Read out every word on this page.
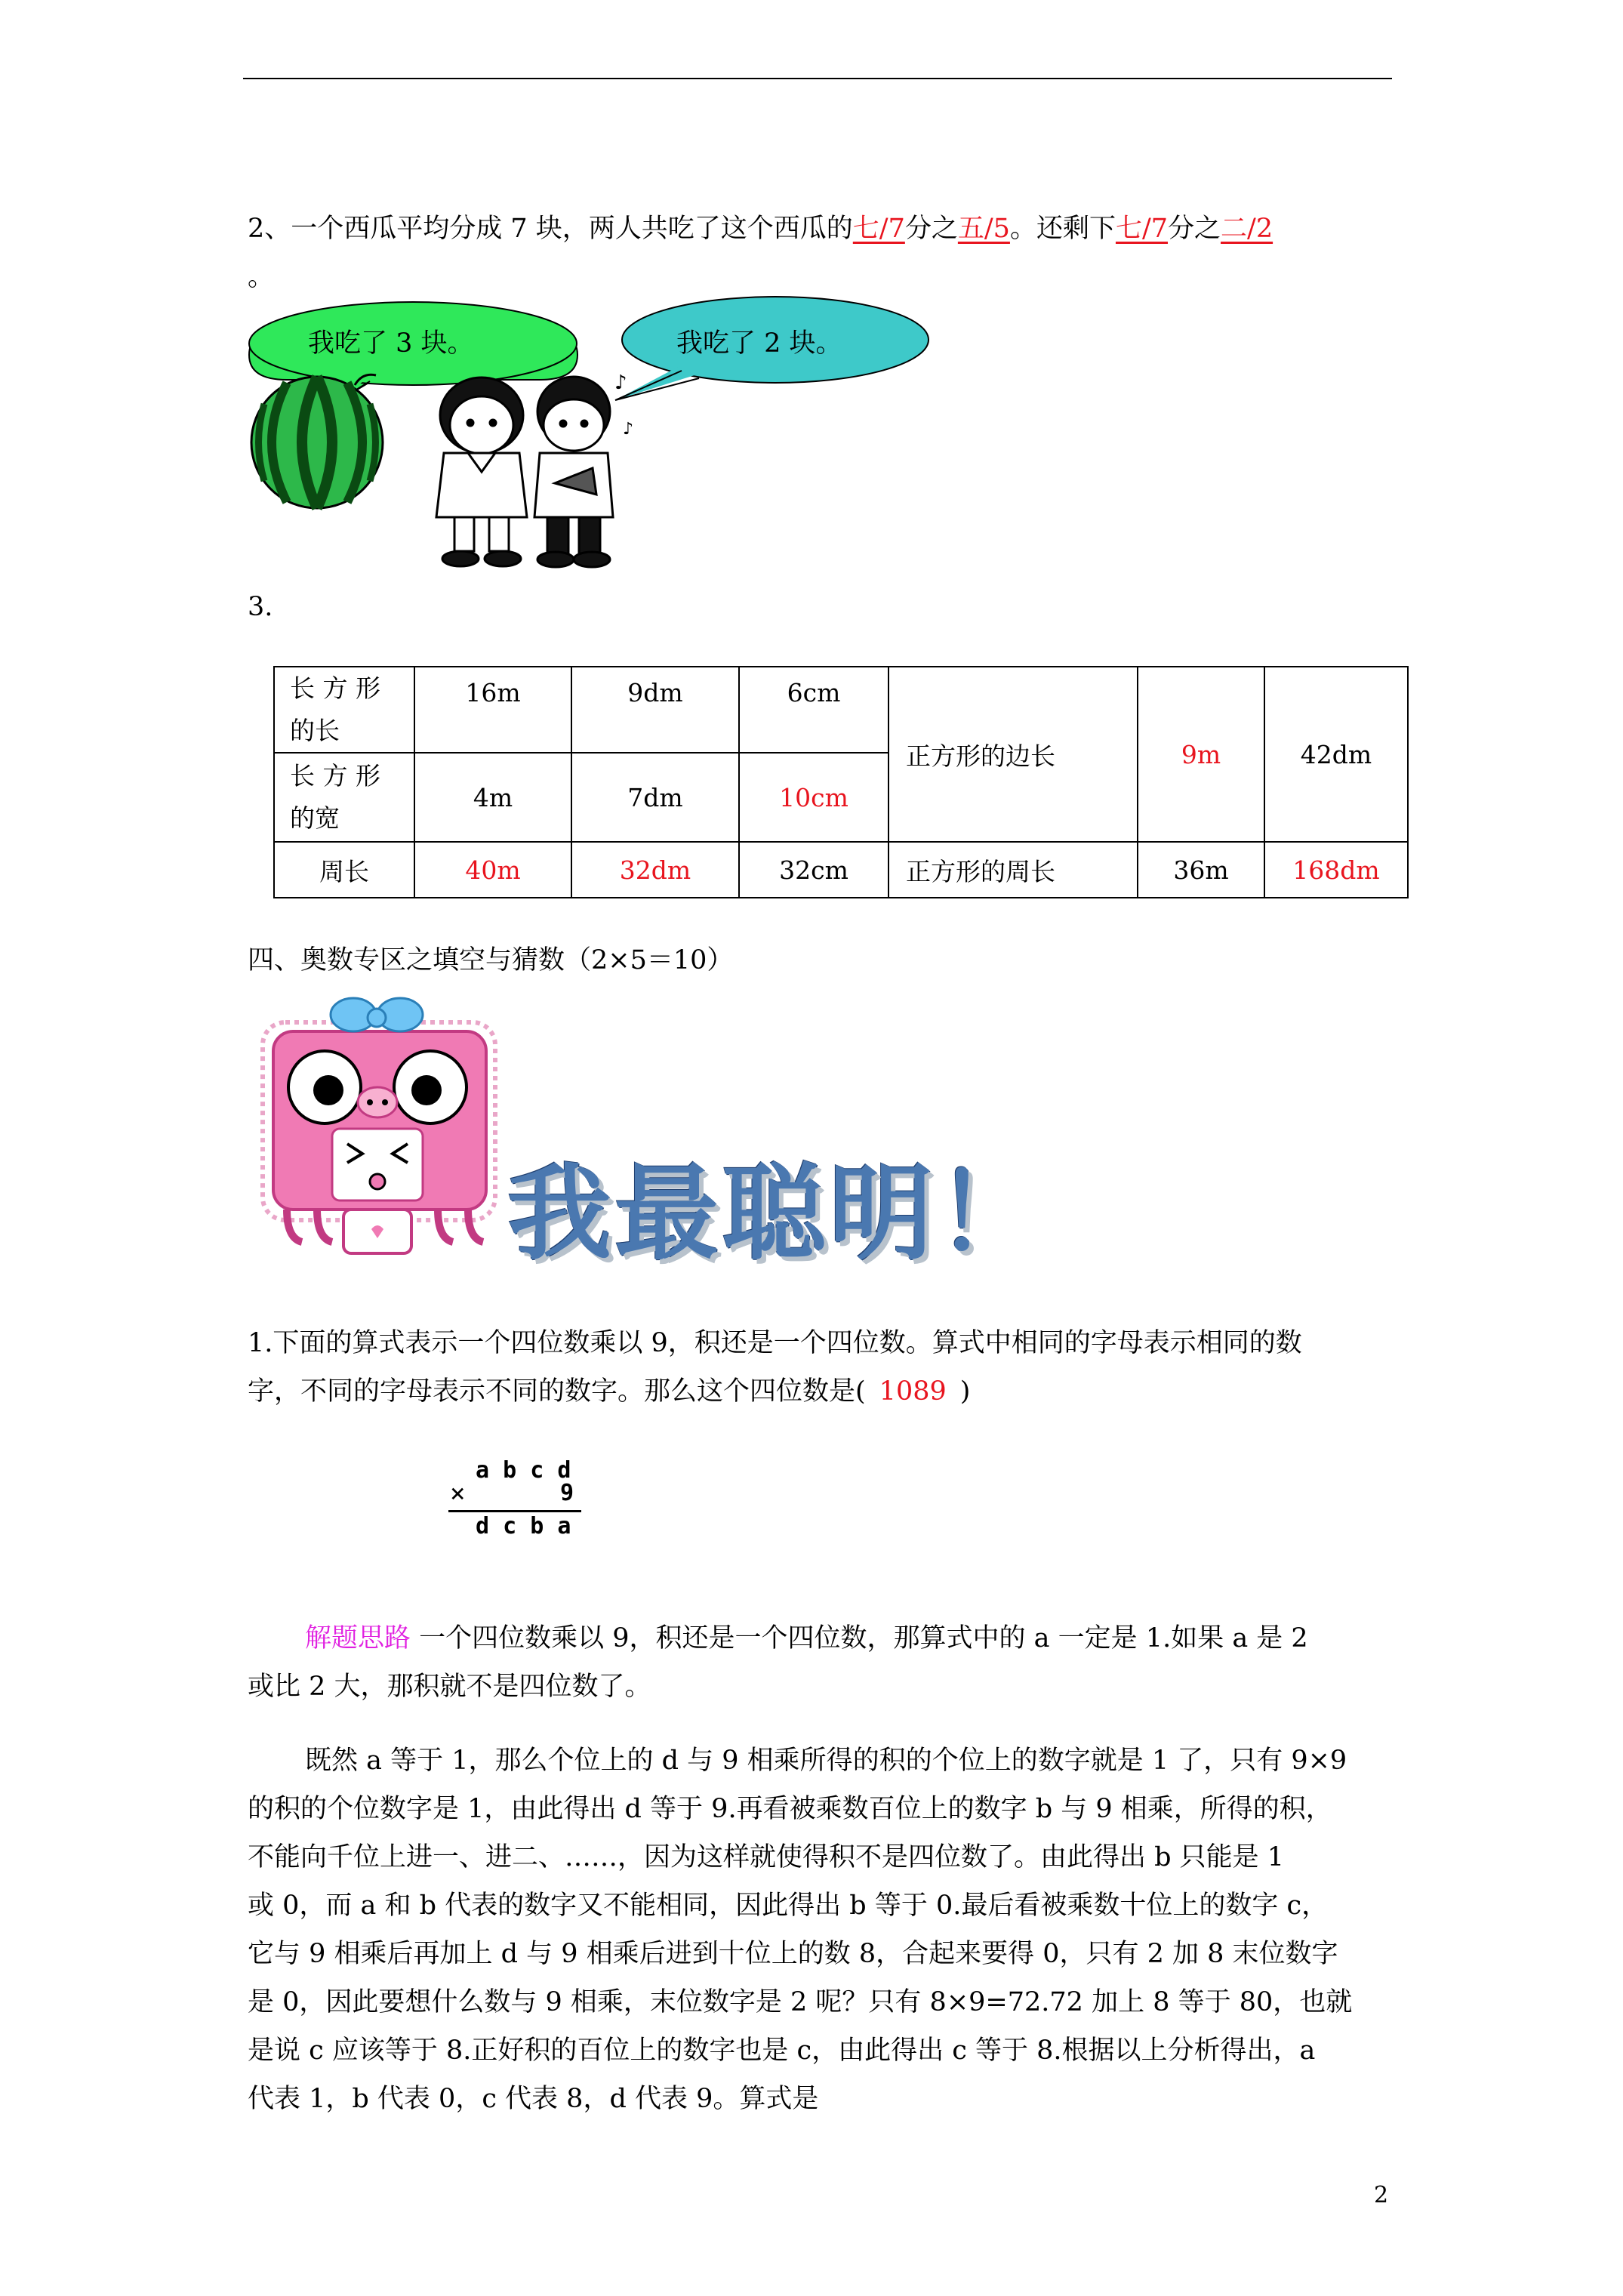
2、一个西瓜平均分成 7 块，两人共吃了这个西瓜的七/7分之五/5。还剩下七/7分之二/2
。
♪
♪
我吃了 3 块。	我吃了 2 块。
3.
长 方 形
的长	16m	9dm	6cm	正方形的边长	9m	42dm

长 方 形
的宽	4m	7dm	10cm			
周长	40m	32dm	32cm	正方形的周长	36m	168dm
四、奥数专区之填空与猜数（2×5＝10）
我最聪明！
1.下面的算式表示一个四位数乘以 9，积还是一个四位数。算式中相同的字母表示相同的数
字，不同的字母表示不同的数字。那么这个四位数是( 1089 )
a b c d
×	9
d c b a
解题思路 一个四位数乘以 9，积还是一个四位数，那算式中的 a 一定是 1.如果 a 是 2
或比 2 大，那积就不是四位数了。
既然 a 等于 1，那么个位上的 d 与 9 相乘所得的积的个位上的数字就是 1 了，只有 9×9
的积的个位数字是 1，由此得出 d 等于 9.再看被乘数百位上的数字 b 与 9 相乘，所得的积，
不能向千位上进一、进二、……，因为这样就使得积不是四位数了。由此得出 b 只能是 1
或 0，而 a 和 b 代表的数字又不能相同，因此得出 b 等于 0.最后看被乘数十位上的数字 c，
它与 9 相乘后再加上 d 与 9 相乘后进到十位上的数 8，合起来要得 0，只有 2 加 8 末位数字
是 0，因此要想什么数与 9 相乘，末位数字是 2 呢？只有 8×9=72.72 加上 8 等于 80，也就
是说 c 应该等于 8.正好积的百位上的数字也是 c，由此得出 c 等于 8.根据以上分析得出，a
代表 1，b 代表 0，c 代表 8，d 代表 9。算式是
2
